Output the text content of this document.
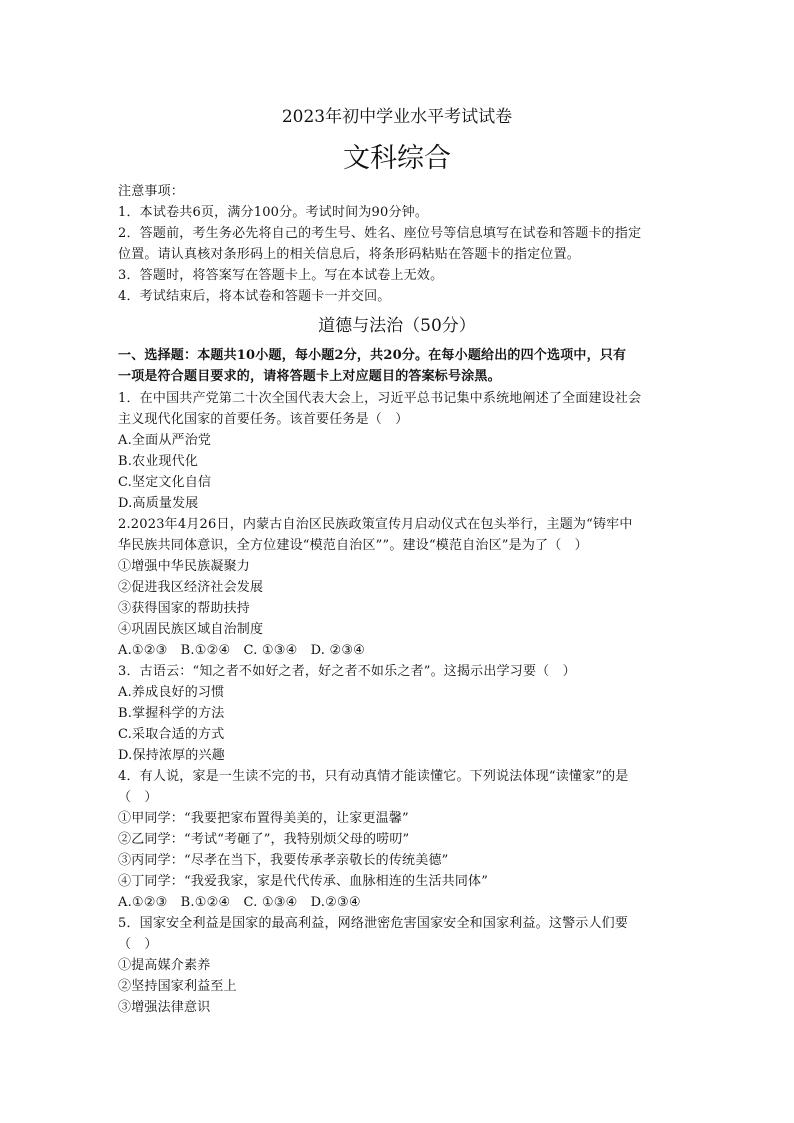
2023年初中学业水平考试试卷
文科综合
注意事项：
1．本试卷共6页，满分100分。考试时间为90分钟。
2．答题前，考生务必先将自己的考生号、姓名、座位号等信息填写在试卷和答题卡的指定
位置。请认真核对条形码上的相关信息后，将条形码粘贴在答题卡的指定位置。
3．答题时，将答案写在答题卡上。写在本试卷上无效。
4．考试结束后，将本试卷和答题卡一并交回。
道德与法治（50分）
一、选择题：本题共10小题，每小题2分，共20分。在每小题给出的四个选项中，只有
一项是符合题目要求的，请将答题卡上对应题目的答案标号涂黑。
1．在中国共产党第二十次全国代表大会上，习近平总书记集中系统地阐述了全面建设社会
主义现代化国家的首要任务。该首要任务是（　）
A.全面从严治党
B.农业现代化
C.坚定文化自信
D.高质量发展
2.2023年4月26日，内蒙古自治区民族政策宣传月启动仪式在包头举行，主题为“铸牢中
华民族共同体意识，全方位建设“模范自治区””。建设“模范自治区”是为了（　）
①增强中华民族凝聚力
②促进我区经济社会发展
③获得国家的帮助扶持
④巩固民族区域自治制度
A.①②③　B.①②④　C. ①③④　D. ②③④
3．古语云：“知之者不如好之者，好之者不如乐之者”。这揭示出学习要（　）
A.养成良好的习惯
B.掌握科学的方法
C.采取合适的方式
D.保持浓厚的兴趣
4．有人说，家是一生读不完的书，只有动真情才能读懂它。下列说法体现“读懂家”的是
（　）
①甲同学：“我要把家布置得美美的，让家更温馨”
②乙同学：“考试“考砸了”，我特别烦父母的唠叨”
③丙同学：“尽孝在当下，我要传承孝亲敬长的传统美德”
④丁同学：“我爱我家，家是代代传承、血脉相连的生活共同体”
A.①②③　B.①②④　C. ①③④　D.②③④
5．国家安全利益是国家的最高利益，网络泄密危害国家安全和国家利益。这警示人们要
（　）
①提高媒介素养
②坚持国家利益至上
③增强法律意识
